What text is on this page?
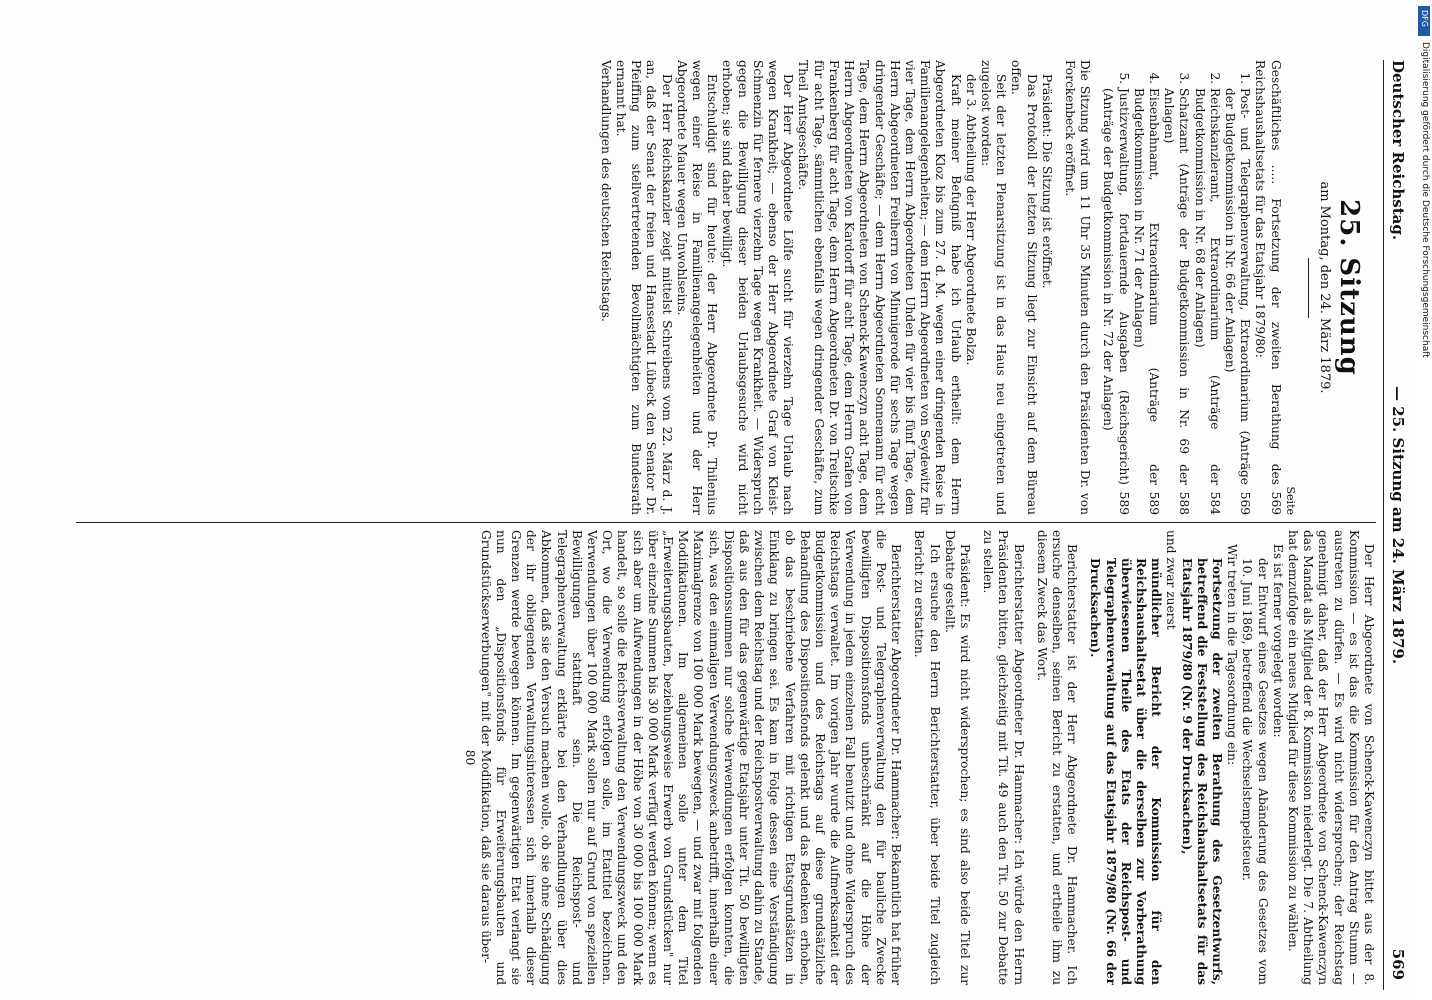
Deutscher Reichstag.
— 25. Sitzung am 24. März 1879.
569
25. Sitzung
am Montag, den 24. März 1879.
Seite
Geschäftliches ..... Fortsetzung der zweiten Berathung des Reichshaushaltsetats für das Etatsjahr 1879/80:
569
1. Post- und Telegraphenverwaltung, Extraordinarium (Anträge der Budgetkommission in Nr. 66 der Anlagen)
569
2. Reichskanzleramt, Extraordinarium (Anträge der Budgetkommission in Nr. 68 der Anlagen)
584
3. Schatzamt (Anträge der Budgetkommission in Nr. 69 der Anlagen)
588
4. Eisenbahnamt, Extraordinarium (Anträge der Budgetkommission in Nr. 71 der Anlagen)
589
5. Justizverwaltung, fortdauernde Ausgaben (Reichsgericht) (Anträge der Budgetkommission in Nr. 72 der Anlagen)
589

Die Sitzung wird um 11 Uhr 35 Minuten durch den Präsidenten Dr. von Forckenbeck eröffnet.

Präsident: Die Sitzung ist eröffnet.

Das Protokoll der letzten Sitzung liegt zur Einsicht auf dem Büreau offen.

Seit der letzten Plenarsitzung ist in das Haus neu eingetreten und zugelost worden:

der 3. Abtheilung der Herr Abgeordnete Bolza.

Kraft meiner Befugniß habe ich Urlaub ertheilt: dem Herrn Abgeordneten Kloz bis zum 27. d. M. wegen einer dringenden Reise in Familienangelegenheiten; — dem Herrn Abgeordneten von Seydewitz für vier Tage, dem Herrn Abgeordneten Uhden für vier bis fünf Tage, dem Herrn Abgeordneten Freiherrn von Minnigerode für sechs Tage wegen dringender Geschäfte; — dem Herrn Abgeordneten Sonnemann für acht Tage, dem Herrn Abgeordneten von Schenck-Kawenczyn acht Tage, dem Herrn Abgeordneten von Kardorff für acht Tage, dem Herrn Grafen von Frankenberg für acht Tage, dem Herrn Abgeordneten Dr. von Treitschke für acht Tage, sämmtlichen ebenfalls wegen dringender Geschäfte, zum Theil Amtsgeschäfte.

Der Herr Abgeordnete Lölfe sucht für vierzehn Tage Urlaub nach wegen Krankheit; — ebenso der Herr Abgeordnete Graf von Kleist-Schmenzin für fernere vierzehn Tage wegen Krankheit. — Widerspruch gegen die Bewilligung dieser beiden Urlaubsgesuche wird nicht erhoben; sie sind daher bewilligt.

Entschuldigt sind für heute: der Herr Abgeordnete Dr. Thilenius wegen einer Reise in Familienangelegenheiten und der Herr Abgeordnete Mauer wegen Unwohlseins.

Der Herr Reichskanzler zeigt mittelst Schreibens vom 22. März d. J. an, daß der Senat der freien und Hansestadt Lübeck den Senator Dr. Pfeiffing zum stellvertretenden Bevollmächtigten zum Bundesrath ernannt hat.

Verhandlungen des deutschen Reichstags.

Der Herr Abgeordnete von Schenck-Kawenczyn bittet aus der 8. Kommission — es ist das die Kommission für den Antrag Stumm — austreten zu dürfen. — Es wird nicht widersprochen; der Reichstag genehmigt daher, daß der Herr Abgeordnete von Schenck-Kawenczyn das Mandat als Mitglied der 8. Kommission niederlegt. Die 7. Abtheilung hat demzufolge ein neues Mitglied für diese Kommission zu wählen.

Es ist ferner vorgelegt worden:

der Entwurf eines Gesetzes wegen Abänderung des Gesetzes vom 10. Juni 1869, betreffend die Wechselstempelsteuer.

Wir treten in die Tagesordnung ein:

Fortsetzung der zweiten Berathung des Gesetzentwurfs, betreffend die Feststellung des Reichshaushaltsetats für das Etatsjahr 1879/80 (Nr. 9 der Drucksachen),

und zwar zuerst

mündlicher Bericht der Kommission für den Reichshaushaltsetat über die derselben zur Vorberathung überwiesenen Theile des Etats der Reichspost- und Telegraphenverwaltung auf das Etatsjahr 1879/80 (Nr. 66 der Drucksachen).

Berichterstatter ist der Herr Abgeordnete Dr. Hammacher. Ich ersuche denselben, seinen Bericht zu erstatten, und ertheile ihm zu diesem Zweck das Wort.

Berichterstatter Abgeordneter Dr. Hammacher: Ich würde den Herrn Präsidenten bitten, gleichzeitig mit Tit. 49 auch den Tit. 50 zur Debatte zu stellen.

Präsident: Es wird nicht widersprochen; es sind also beide Titel zur Debatte gestellt.

Ich ersuche den Herrn Berichterstatter, über beide Titel zugleich Bericht zu erstatten.

Berichterstatter Abgeordneter Dr. Hammacher: Bekanntlich hat früher die Post- und Telegraphenverwaltung den für bauliche Zwecke bewilligten Dispositionsfonds unbeschränkt auf die Höhe der Verwendung in jedem einzelnen Fall benutzt und ohne Widerspruch des Reichstags verwaltet. Im vorigen Jahr wurde die Aufmerksamkeit der Budgetkommission und des Reichstags auf diese grundsätzliche Behandlung des Dispositionsfonds gelenkt und das Bedenken erhoben, ob das beschriebene Verfahren mit richtigen Etatsgrundsätzen in Einklang zu bringen sei. Es kam in Folge dessen eine Verständigung zwischen dem Reichstag und der Reichspostverwaltung dahin zu Stande, daß aus den für das gegenwärtige Etatsjahr unter Tit. 50 bewilligten Dispositionssummen nur solche Verwendungen erfolgen konnten, die sich, was den einmaligen Verwendungszweck anbetrifft, innerhalb einer Maximalgrenze von 100 000 Mark bewegten, — und zwar mit folgenden Modifikationen. Im allgemeinen solle unter dem Titel „Erweiterungsbauten, beziehungsweise Erwerb von Grundstücken" nur über einzelne Summen bis 30 000 Mark verfügt werden können; wenn es sich aber um Aufwendungen in der Höhe von 30 000 bis 100 000 Mark handelt, so solle die Reichsverwaltung den Verwendungszweck und den Ort, wo die Verwendung erfolgen solle, im Etattitel bezeichnen. Verwendungen über 100 000 Mark sollen nur auf Grund von speziellen Bewilligungen statthaft sein. Die Reichspost- und Telegraphenverwaltung erklärte bei den Verhandlungen über dies Abkommen, daß sie den Versuch machen wolle, ob sie ohne Schädigung der ihr obliegenden Verwaltungsinteressen sich innerhalb dieser Grenzen werde bewegen können. Im gegenwärtigen Etat verlangt sie nun den „Dispositionsfonds für Erweiterungsbauten und Grundstückserwerbungen" mit der Modifikation, daß sie daraus über-

80

DFG
Digitalisierung gefördert durch die Deutsche Forschungsgemeinschaft
